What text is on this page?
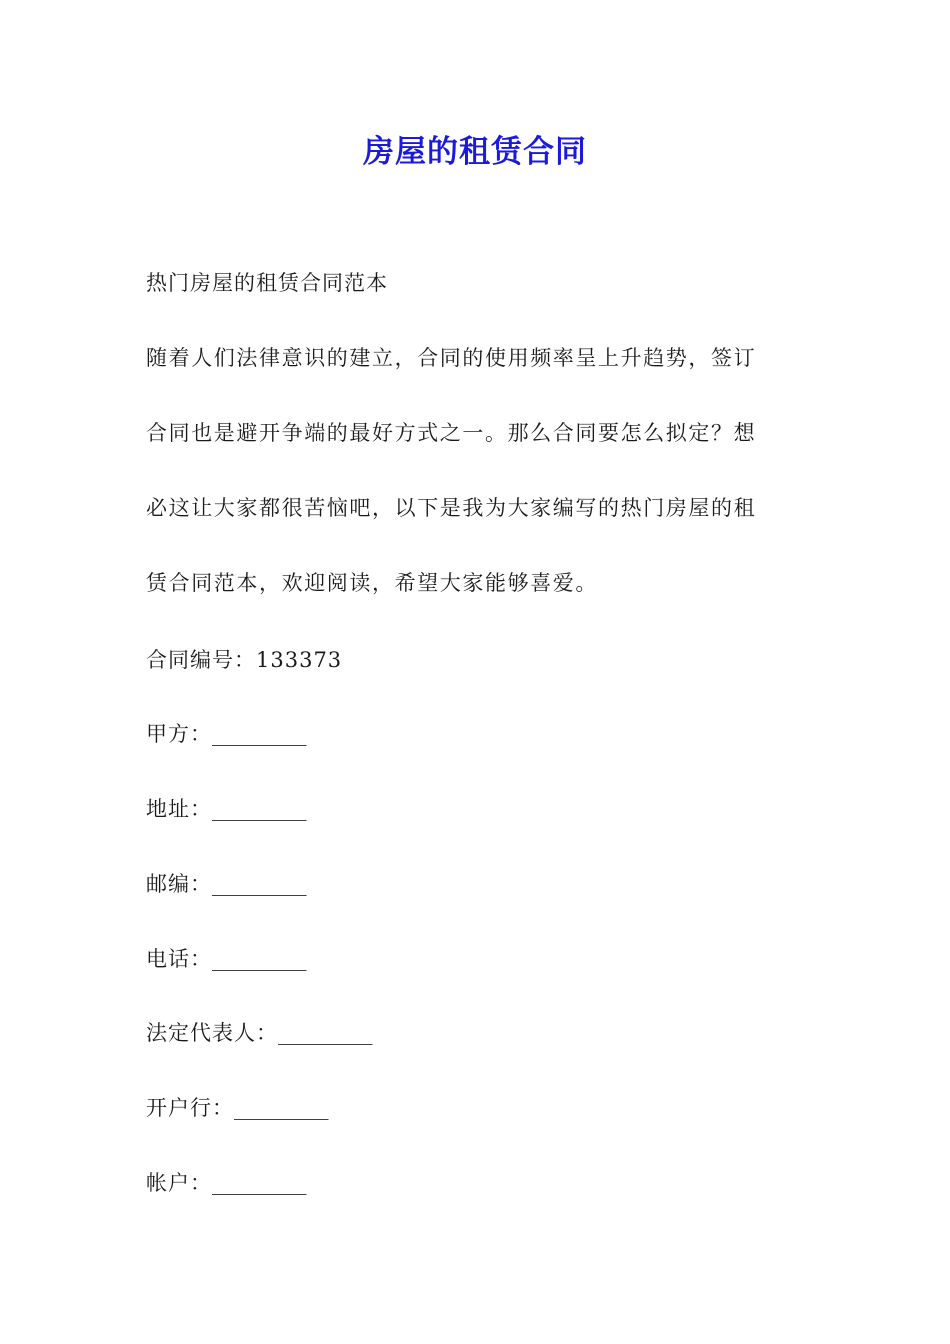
房屋的租赁合同
热门房屋的租赁合同范本
随着人们法律意识的建立，合同的使用频率呈上升趋势，签订
合同也是避开争端的最好方式之一。那么合同要怎么拟定？想
必这让大家都很苦恼吧，以下是我为大家编写的热门房屋的租
赁合同范本，欢迎阅读，希望大家能够喜爱。
合同编号：133373
甲方：_________
地址：_________
邮编：_________
电话：_________
法定代表人：_________
开户行：_________
帐户：_________
